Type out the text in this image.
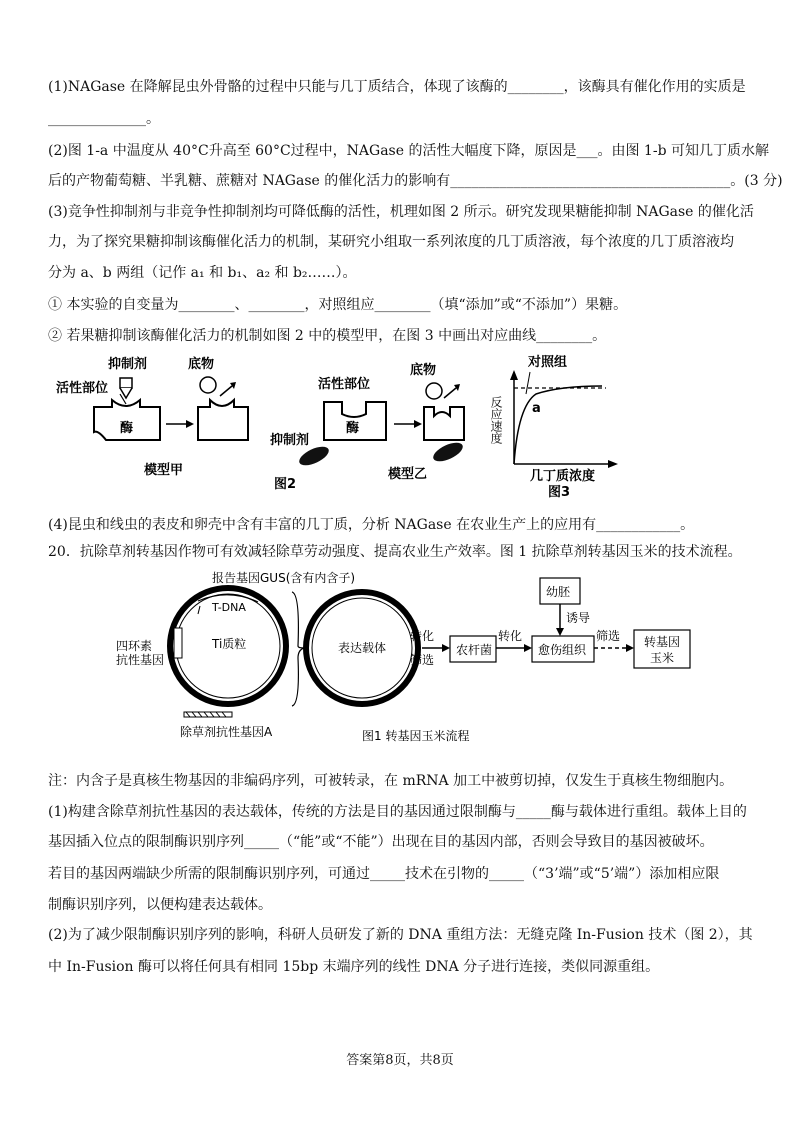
(1)NAGase 在降解昆虫外骨骼的过程中只能与几丁质结合，体现了该酶的________，该酶具有催化作用的实质是
______________。
(2)图 1-a 中温度从 40°C升高至 60°C过程中，NAGase 的活性大幅度下降，原因是___。由图 1-b 可知几丁质水解
后的产物葡萄糖、半乳糖、蔗糖对 NAGase 的催化活力的影响有________________________________________。(3 分)
(3)竞争性抑制剂与非竞争性抑制剂均可降低酶的活性，机理如图 2 所示。研究发现果糖能抑制 NAGase 的催化活
力，为了探究果糖抑制该酶催化活力的机制，某研究小组取一系列浓度的几丁质溶液，每个浓度的几丁质溶液均
分为 a、b 两组（记作 a₁ 和 b₁、a₂ 和 b₂……）。
① 本实验的自变量为________、________，对照组应________（填“添加”或“不添加”）果糖。
② 若果糖抑制该酶催化活力的机制如图 2 中的模型甲，在图 3 中画出对应曲线________。
抑制剂
活性部位
酶
底物
模型甲
活性部位
酶
抑制剂
底物
图2
模型乙
对照组
a
反应速度
几丁质浓度
图3
(4)昆虫和线虫的表皮和卵壳中含有丰富的几丁质，分析 NAGase 在农业生产上的应用有____________。
20．抗除草剂转基因作物可有效减轻除草劳动强度、提高农业生产效率。图 1 抗除草剂转基因玉米的技术流程。
报告基因GUS(含有内含子)
T-DNA
Ti质粒
四环素
抗性基因
除草剂抗性基因A
表达载体
转化
筛选
农杆菌
转化
愈伤组织
幼胚
诱导
筛选 转基因
玉米
图1 转基因玉米流程
注：内含子是真核生物基因的非编码序列，可被转录，在 mRNA 加工中被剪切掉，仅发生于真核生物细胞内。
(1)构建含除草剂抗性基因的表达载体，传统的方法是目的基因通过限制酶与_____酶与载体进行重组。载体上目的
基因插入位点的限制酶识别序列_____（“能”或“不能”）出现在目的基因内部，否则会导致目的基因被破坏。
若目的基因两端缺少所需的限制酶识别序列，可通过_____技术在引物的_____（“3’端”或“5’端”）添加相应限
制酶识别序列，以便构建表达载体。
(2)为了减少限制酶识别序列的影响，科研人员研发了新的 DNA 重组方法：无缝克隆 In-Fusion 技术（图 2），其
中 In-Fusion 酶可以将任何具有相同 15bp 末端序列的线性 DNA 分子进行连接，类似同源重组。
答案第8页，共8页
